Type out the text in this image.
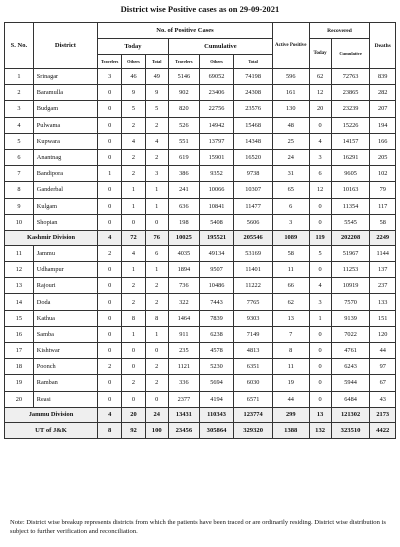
District wise Positive cases as on 29-09-2021
S. No.	District	No. of Positive Cases						Active Positive	Recovered		Deaths
		Today			Cumulative				Today	Cumulative	
		Travelers	Others	Total	Travelers	Others	Total				
1	Srinagar	3	46	49	5146	69052	74198	596	62	72763	839
2	Baramulla	0	9	9	902	23406	24308	161	12	23865	282
3	Budgam	0	5	5	820	22756	23576	130	20	23239	207
4	Pulwama	0	2	2	526	14942	15468	48	0	15226	194
5	Kupwara	0	4	4	551	13797	14348	25	4	14157	166
6	Anantnag	0	2	2	619	15901	16520	24	3	16291	205
7	Bandipora	1	2	3	386	9352	9738	31	6	9605	102
8	Ganderbal	0	1	1	241	10066	10307	65	12	10163	79
9	Kulgam	0	1	1	636	10841	11477	6	0	11354	117
10	Shopian	0	0	0	198	5408	5606	3	0	5545	58
Kashmir Division		4	72	76	10025	195521	205546	1089	119	202208	2249
11	Jammu	2	4	6	4035	49134	53169	58	5	51967	1144
12	Udhampur	0	1	1	1894	9507	11401	11	0	11253	137
13	Rajouri	0	2	2	736	10486	11222	66	4	10919	237
14	Doda	0	2	2	322	7443	7765	62	3	7570	133
15	Kathua	0	8	8	1464	7839	9303	13	1	9139	151
16	Samba	0	1	1	911	6238	7149	7	0	7022	120
17	Kishtwar	0	0	0	235	4578	4813	8	0	4761	44
18	Poonch	2	0	2	1121	5230	6351	11	0	6243	97
19	Ramban	0	2	2	336	5694	6030	19	0	5944	67
20	Reasi	0	0	0	2377	4194	6571	44	0	6484	43
Jammu Division		4	20	24	13431	110343	123774	299	13	121302	2173
UT of J&K		8	92	100	23456	305864	329320	1388	132	323510	4422
Note: District wise breakup represents districts from which the patients have been traced or are ordinarily residing. District wise distribution is subject to further verification and reconciliation.
